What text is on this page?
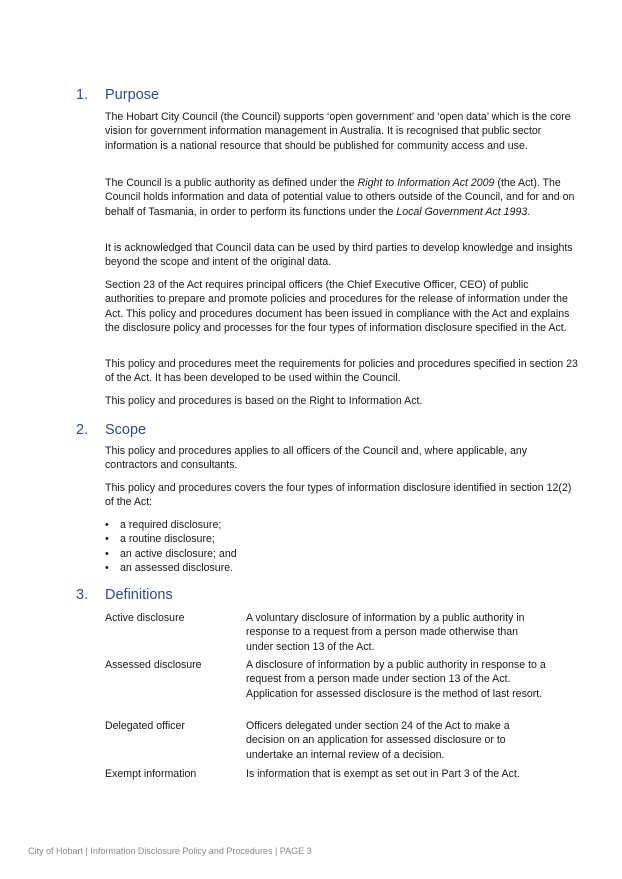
1. Purpose

The Hobart City Council (the Council) supports ‘open government’ and ‘open data’ which is the core vision for government information management in Australia. It is recognised that public sector information is a national resource that should be published for community access and use.

The Council is a public authority as defined under the Right to Information Act 2009 (the Act). The Council holds information and data of potential value to others outside of the Council, and for and on behalf of Tasmania, in order to perform its functions under the Local Government Act 1993.

It is acknowledged that Council data can be used by third parties to develop knowledge and insights beyond the scope and intent of the original data.

Section 23 of the Act requires principal officers (the Chief Executive Officer, CEO) of public authorities to prepare and promote policies and procedures for the release of information under the Act. This policy and procedures document has been issued in compliance with the Act and explains the disclosure policy and processes for the four types of information disclosure specified in the Act.

This policy and procedures meet the requirements for policies and procedures specified in section 23 of the Act. It has been developed to be used within the Council.

This policy and procedures is based on the Right to Information Act.

2. Scope

This policy and procedures applies to all officers of the Council and, where applicable, any contractors and consultants.

This policy and procedures covers the four types of information disclosure identified in section 12(2) of the Act:

• a required disclosure;
• a routine disclosure;
• an active disclosure; and
• an assessed disclosure.
3. Definitions
Active disclosure	A voluntary disclosure of information by a public authority in response to a request from a person made otherwise than under section 13 of the Act.
Assessed disclosure	A disclosure of information by a public authority in response to a request from a person made under section 13 of the Act. Application for assessed disclosure is the method of last resort.
Delegated officer	Officers delegated under section 24 of the Act to make a decision on an application for assessed disclosure or to undertake an internal review of a decision.
Exempt information	Is information that is exempt as set out in Part 3 of the Act.
City of Hobart | Information Disclosure Policy and Procedures | PAGE 3
